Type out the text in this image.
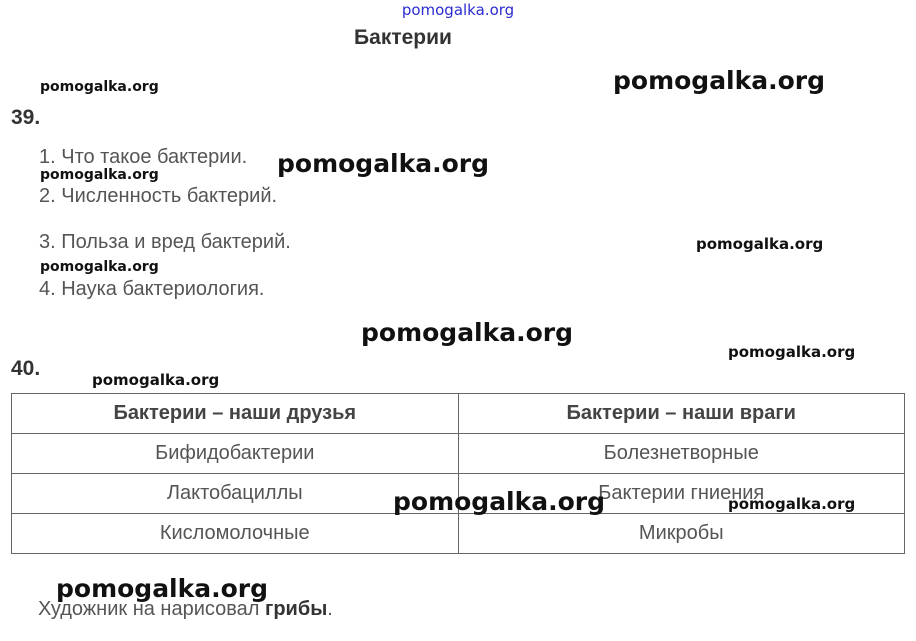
pomogalka.org
Бактерии
pomogalka.org	pomogalka.org
39.
1. Что такое бактерии. pomogalka.org
pomogalka.org
2. Численность бактерий.
3. Польза и вред бактерий.	pomogalka.org
pomogalka.org
4. Наука бактериология.
pomogalka.org
pomogalka.org
40.	pomogalka.org
Бактерии – наши друзья	Бактерии – наши враги
Бифидобактерии	Болезнетворные
Лактобациллы	Бактерии гниения
Кисломолочные	Микробы
pomogalka.org	pomogalka.org
pomogalka.org
Художник на нарисовал грибы.
